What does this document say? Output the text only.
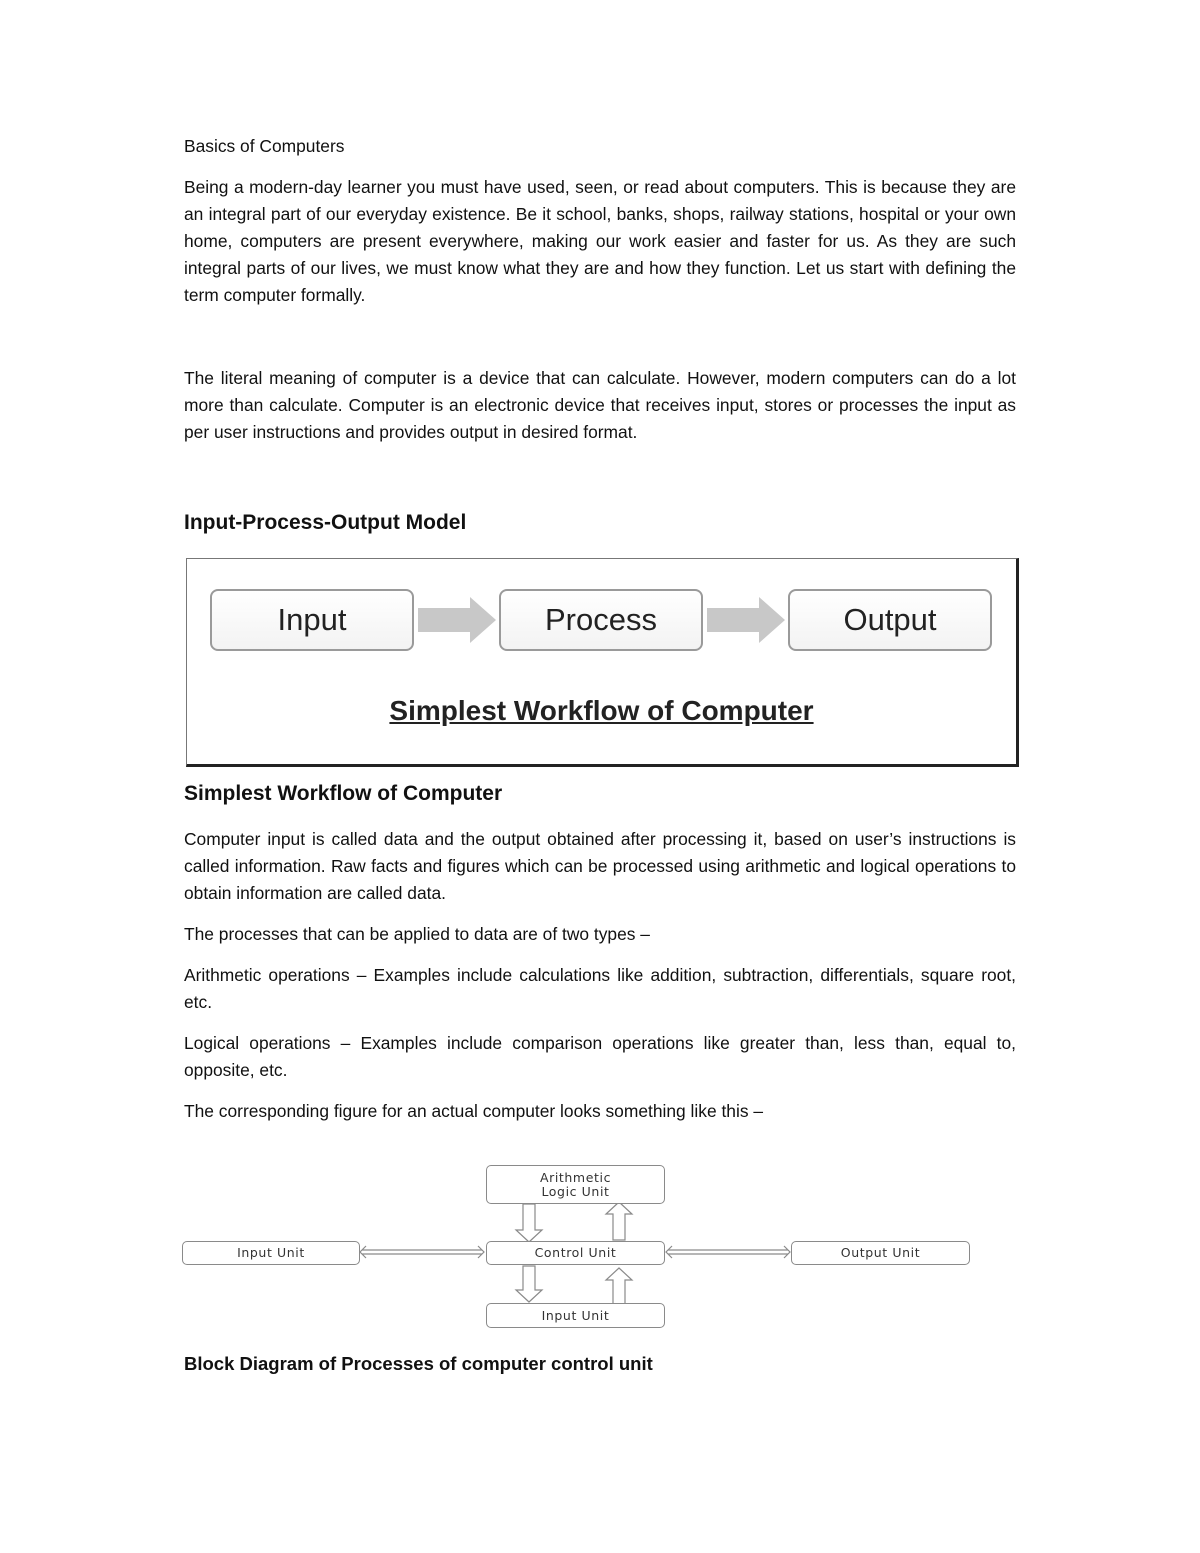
Basics of Computers

Being a modern-day learner you must have used, seen, or read about computers. This is because they are an integral part of our everyday existence. Be it school, banks, shops, railway stations, hospital or your own home, computers are present everywhere, making our work easier and faster for us. As they are such integral parts of our lives, we must know what they are and how they function. Let us start with defining the term computer formally.

The literal meaning of computer is a device that can calculate. However, modern computers can do a lot more than calculate. Computer is an electronic device that receives input, stores or processes the input as per user instructions and provides output in desired format.

Input-Process-Output Model

Input	Process	Output
Simplest Workflow of Computer

Simplest Workflow of Computer

Computer input is called data and the output obtained after processing it, based on user’s instructions is called information. Raw facts and figures which can be processed using arithmetic and logical operations to obtain information are called data.

The processes that can be applied to data are of two types –

Arithmetic operations – Examples include calculations like addition, subtraction, differentials, square root, etc.

Logical operations – Examples include comparison operations like greater than, less than, equal to, opposite, etc.

The corresponding figure for an actual computer looks something like this –

Arithmetic
Logic Unit
Input Unit	Control Unit	Output Unit
Input Unit

Block Diagram of Processes of computer control unit
